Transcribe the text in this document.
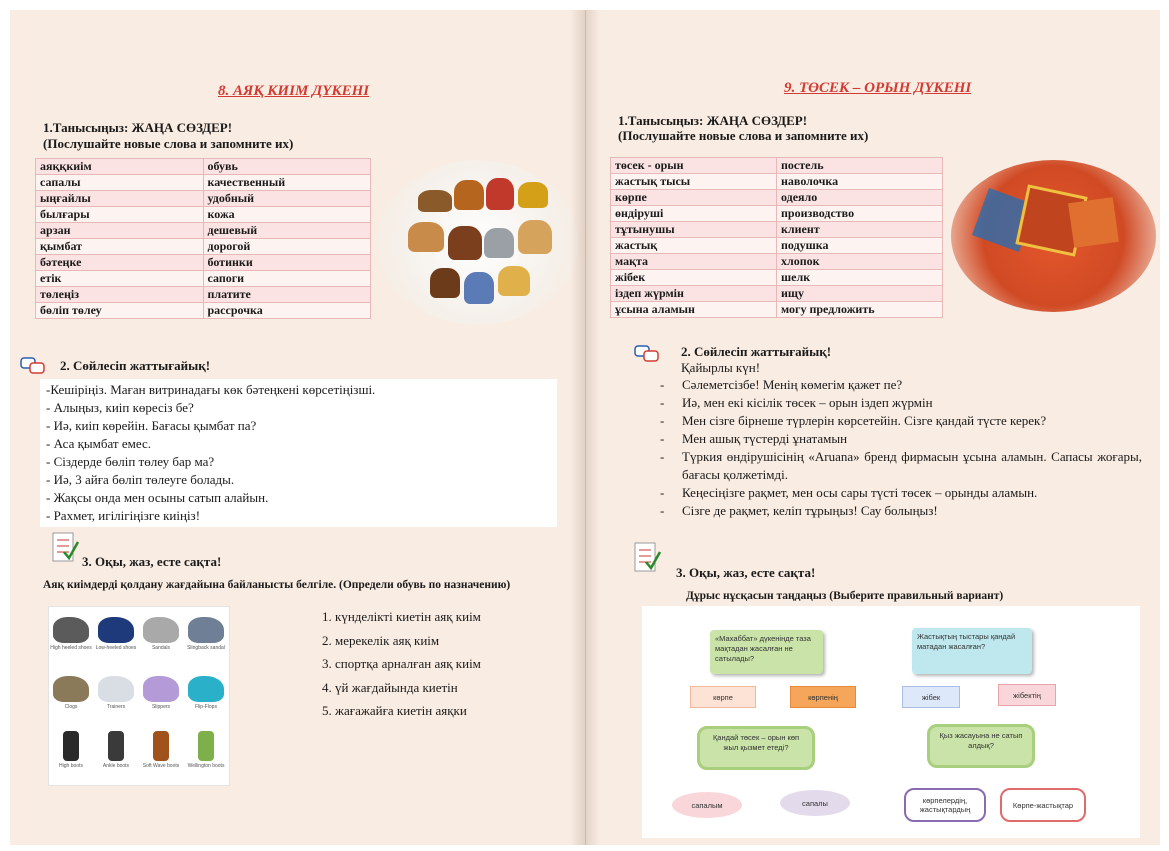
8. АЯҚ КИІМ ДҮКЕНІ
1.Танысыңыз: ЖАҢА СӨЗДЕР!
(Послушайте новые слова и запомните их)
аяққкиім	обувь
сапалы	качественный
ыңғайлы	удобный
былғары	кожа
арзан	дешевый
қымбат	дорогой
бәтеңке	ботинки
етік	сапоги
төлеңіз	платите
бөліп төлеу	рассрочка
2. Сөйлесіп жаттығайық!
-Кешіріңіз. Маған витринадағы көк бәтеңкені көрсетіңізші.
- Алыңыз, киіп көресіз бе?
- Иә, киіп көрейін. Бағасы қымбат па?
- Аса қымбат емес.
- Сіздерде бөліп төлеу бар ма?
- Иә, 3 айға бөліп төлеуге болады.
- Жақсы онда мен осыны сатып алайын.
- Рахмет, игілігіңізге киіңіз!
3. Оқы, жаз, есте сақта!
Аяқ киімдерді қолдану жағдайына байланысты белгіле. (Определи обувь по назначению)
High heeled shoes Low-heeled shoes	Sandals	Slingback sandal
Clogs	Trainers	Slippers	Flip-Flops
High boots	Ankle boots	Soft Wave boots	Wellington boots
1. күнделікті киетін аяқ киім
2. мерекелік аяқ киім
3. спортқа арналған аяқ киім
4. үй жағдайында киетін
5. жағажайға киетін аяқки
9. ТӨСЕК – ОРЫН ДҮКЕНІ
1.Танысыңыз: ЖАҢА СӨЗДЕР!
(Послушайте новые слова и запомните их)
төсек - орын	постель
жастық тысы	наволочка
көрпе	одеяло
өндіруші	производство
тұтынушы	клиент
жастық	подушка
мақта	хлопок
жібек	шелк
іздеп жүрмін	ищу
ұсына аламын	могу предложить
2. Сөйлесіп жаттығайық!
Қайырлы күн!
- Сәлеметсізбе! Менің көмегім қажет пе?
- Иә, мен екі кісілік төсек – орын іздеп жүрмін
- Мен сізге бірнеше түрлерін көрсетейін. Сізге қандай түсте керек?
- Мен ашық түстерді ұнатамын
- Түркия өндірушісінің «Aruana» бренд фирмасын ұсына аламын. Сапасы жоғары, бағасы қолжетімді.
- Кеңесіңізге рақмет, мен осы сары түсті төсек – орынды аламын.
- Сізге де рақмет, келіп тұрыңыз! Сау болыңыз!
3. Оқы, жаз, есте сақта!
Дұрыс нұсқасын таңдаңыз (Выберите правильный вариант)
«Махаббат» дүкенінде таза мақтадан жасалған не сатылады?
Жастықтың тыстары қандай матадан жасалған?
көрпе	көрпенің	жібек	жібектің
Қандай төсек – орын көп жыл қызмет етеді?
Қыз жасауына не сатып алдық?
сапалым	сапалы	көрпелердің, жастықтардың	Көрпе-жастықтар
